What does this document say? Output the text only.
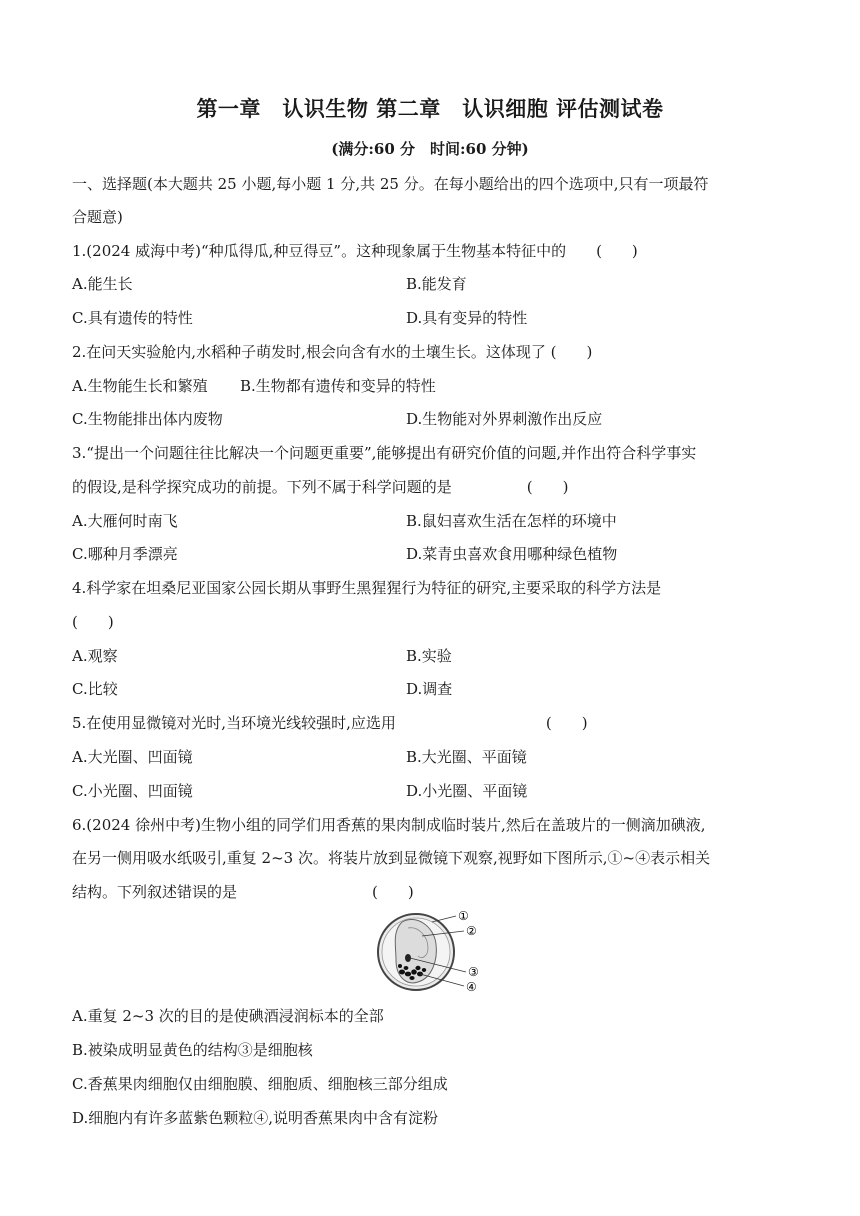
第一章　认识生物 第二章　认识细胞 评估测试卷
(满分:60 分　时间:60 分钟)
一、选择题(本大题共 25 小题,每小题 1 分,共 25 分。在每小题给出的四个选项中,只有一项最符
合题意)
1.(2024 威海中考)“种瓜得瓜,种豆得豆”。这种现象属于生物基本特征中的　　(　　)
A.能生长	B.能发育
C.具有遗传的特性	D.具有变异的特性
2.在问天实验舱内,水稻种子萌发时,根会向含有水的土壤生长。这体现了 (　　)
A.生物能生长和繁殖 B.生物都有遗传和变异的特性
C.生物能排出体内废物	D.生物能对外界刺激作出反应
3.“提出一个问题往往比解决一个问题更重要”,能够提出有研究价值的问题,并作出符合科学事实
的假设,是科学探究成功的前提。下列不属于科学问题的是　　　　　(　　)
A.大雁何时南飞	B.鼠妇喜欢生活在怎样的环境中
C.哪种月季漂亮	D.菜青虫喜欢食用哪种绿色植物
4.科学家在坦桑尼亚国家公园长期从事野生黑猩猩行为特征的研究,主要采取的科学方法是
(　　)
A.观察	B.实验
C.比较	D.调查
5.在使用显微镜对光时,当环境光线较强时,应选用　　　　　　　　　　(　　)
A.大光圈、凹面镜	B.大光圈、平面镜
C.小光圈、凹面镜	D.小光圈、平面镜
6.(2024 徐州中考)生物小组的同学们用香蕉的果肉制成临时装片,然后在盖玻片的一侧滴加碘液,
在另一侧用吸水纸吸引,重复 2~3 次。将装片放到显微镜下观察,视野如下图所示,①~④表示相关
结构。下列叙述错误的是　　　　　　　　　(　　)
①
②
③
④
A.重复 2~3 次的目的是使碘酒浸润标本的全部
B.被染成明显黄色的结构③是细胞核
C.香蕉果肉细胞仅由细胞膜、细胞质、细胞核三部分组成
D.细胞内有许多蓝紫色颗粒④,说明香蕉果肉中含有淀粉
